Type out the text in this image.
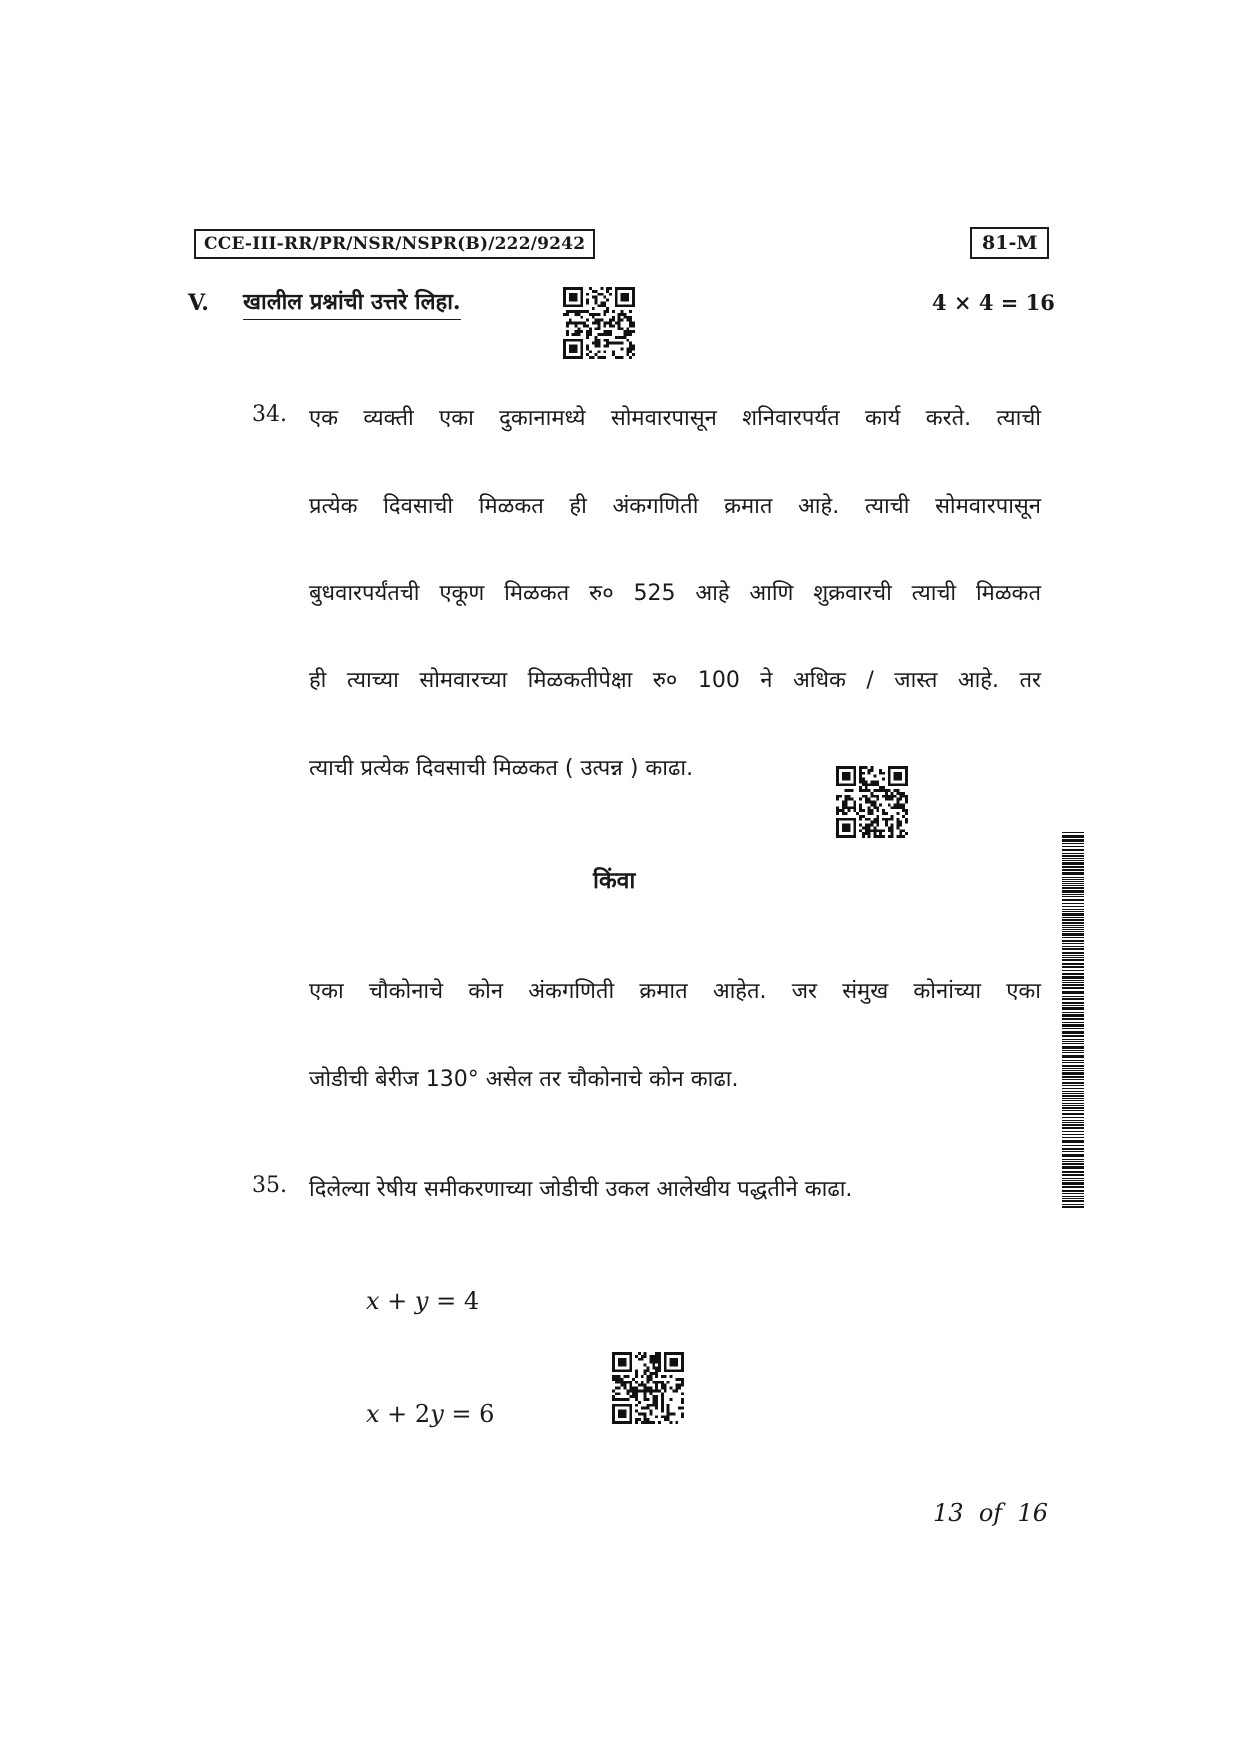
CCE-III-RR/PR/NSR/NSPR(B)/222/9242	81-M
V. खालील प्रश्नांची उत्तरे लिहा.	4 × 4 = 16
34. एक व्यक्ती एका दुकानामध्ये सोमवारपासून शनिवारपर्यंत कार्य करते. त्याची
प्रत्येक दिवसाची मिळकत ही अंकगणिती क्रमात आहे. त्याची सोमवारपासून
बुधवारपर्यंतची एकूण मिळकत रु० 525 आहे आणि शुक्रवारची त्याची मिळकत
ही त्याच्या सोमवारच्या मिळकतीपेक्षा रु० 100 ने अधिक / जास्त आहे. तर
त्याची प्रत्येक दिवसाची मिळकत ( उत्पन्न ) काढा.
किंवा
एका चौकोनाचे कोन अंकगणिती क्रमात आहेत. जर संमुख कोनांच्या एका
जोडीची बेरीज 130° असेल तर चौकोनाचे कोन काढा.
35. दिलेल्या रेषीय समीकरणाच्या जोडीची उकल आलेखीय पद्धतीने काढा.
x + y = 4
x + 2y = 6
13 of 16
